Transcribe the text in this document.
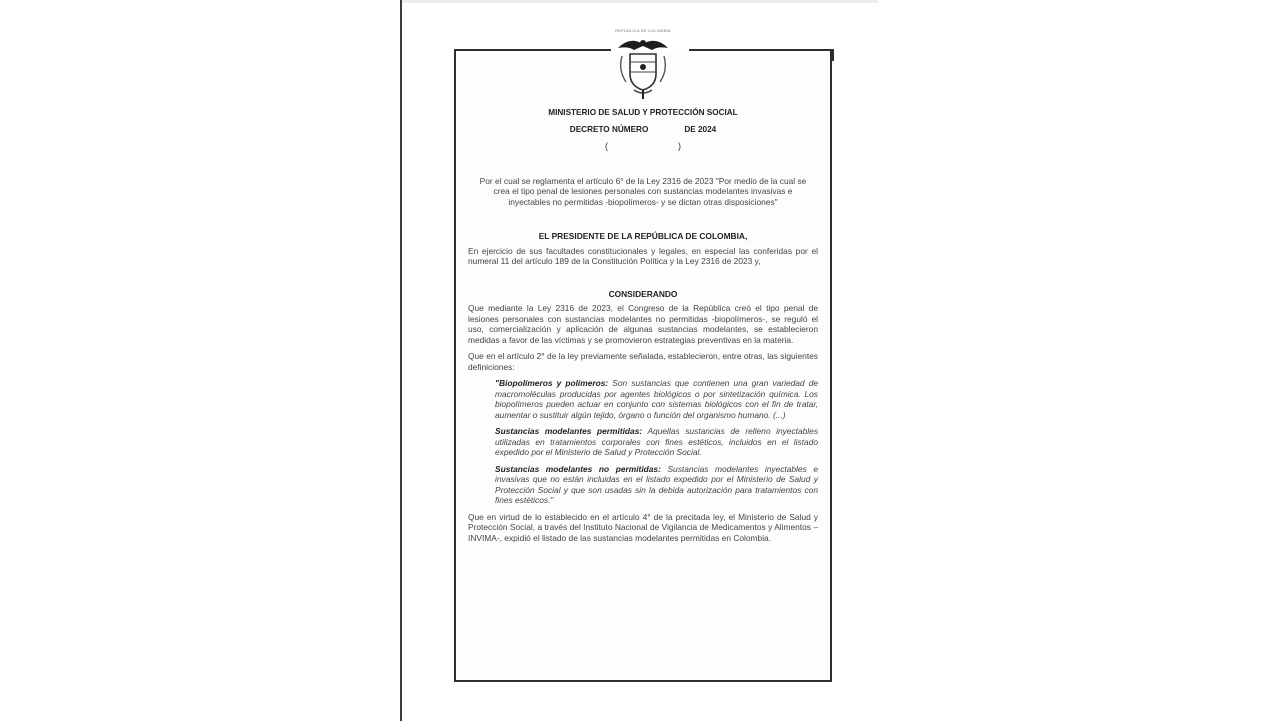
REPÚBLICA DE COLOMBIA
MINISTERIO DE SALUD Y PROTECCIÓN SOCIAL
DECRETO NÚMERO	DE 2024
(	)
Por el cual se reglamenta el artículo 6° de la Ley 2316 de 2023 "Por medio de la cual se crea el tipo penal de lesiones personales con sustancias modelantes invasivas e inyectables no permitidas -biopolímeros- y se dictan otras disposiciones"
EL PRESIDENTE DE LA REPÚBLICA DE COLOMBIA,
En ejercicio de sus facultades constitucionales y legales, en especial las conferidas por el numeral 11 del artículo 189 de la Constitución Política y la Ley 2316 de 2023 y,
CONSIDERANDO
Que mediante la Ley 2316 de 2023, el Congreso de la República creó el tipo penal de lesiones personales con sustancias modelantes no permitidas -biopolímeros-, se reguló el uso, comercialización y aplicación de algunas sustancias modelantes, se establecieron medidas a favor de las víctimas y se promovieron estrategias preventivas en la materia.
Que en el artículo 2° de la ley previamente señalada, establecieron, entre otras, las siguientes definiciones:
"Biopolímeros y polímeros: Son sustancias que contienen una gran variedad de macromoléculas producidas por agentes biológicos o por sintetización química. Los biopolímeros pueden actuar en conjunto con sistemas biológicos con el fin de tratar, aumentar o sustituir algún tejido, órgano o función del organismo humano. (...)
Sustancias modelantes permitidas: Aquellas sustancias de relleno inyectables utilizadas en tratamientos corporales con fines estéticos, incluidos en el listado expedido por el Ministerio de Salud y Protección Social.
Sustancias modelantes no permitidas: Sustancias modelantes inyectables e invasivas que no están incluidas en el listado expedido por el Ministerio de Salud y Protección Social y que son usadas sin la debida autorización para tratamientos con fines estéticos."
Que en virtud de lo establecido en el artículo 4° de la precitada ley, el Ministerio de Salud y Protección Social, a través del Instituto Nacional de Vigilancia de Medicamentos y Alimentos –INVIMA-, expidió el listado de las sustancias modelantes permitidas en Colombia.
